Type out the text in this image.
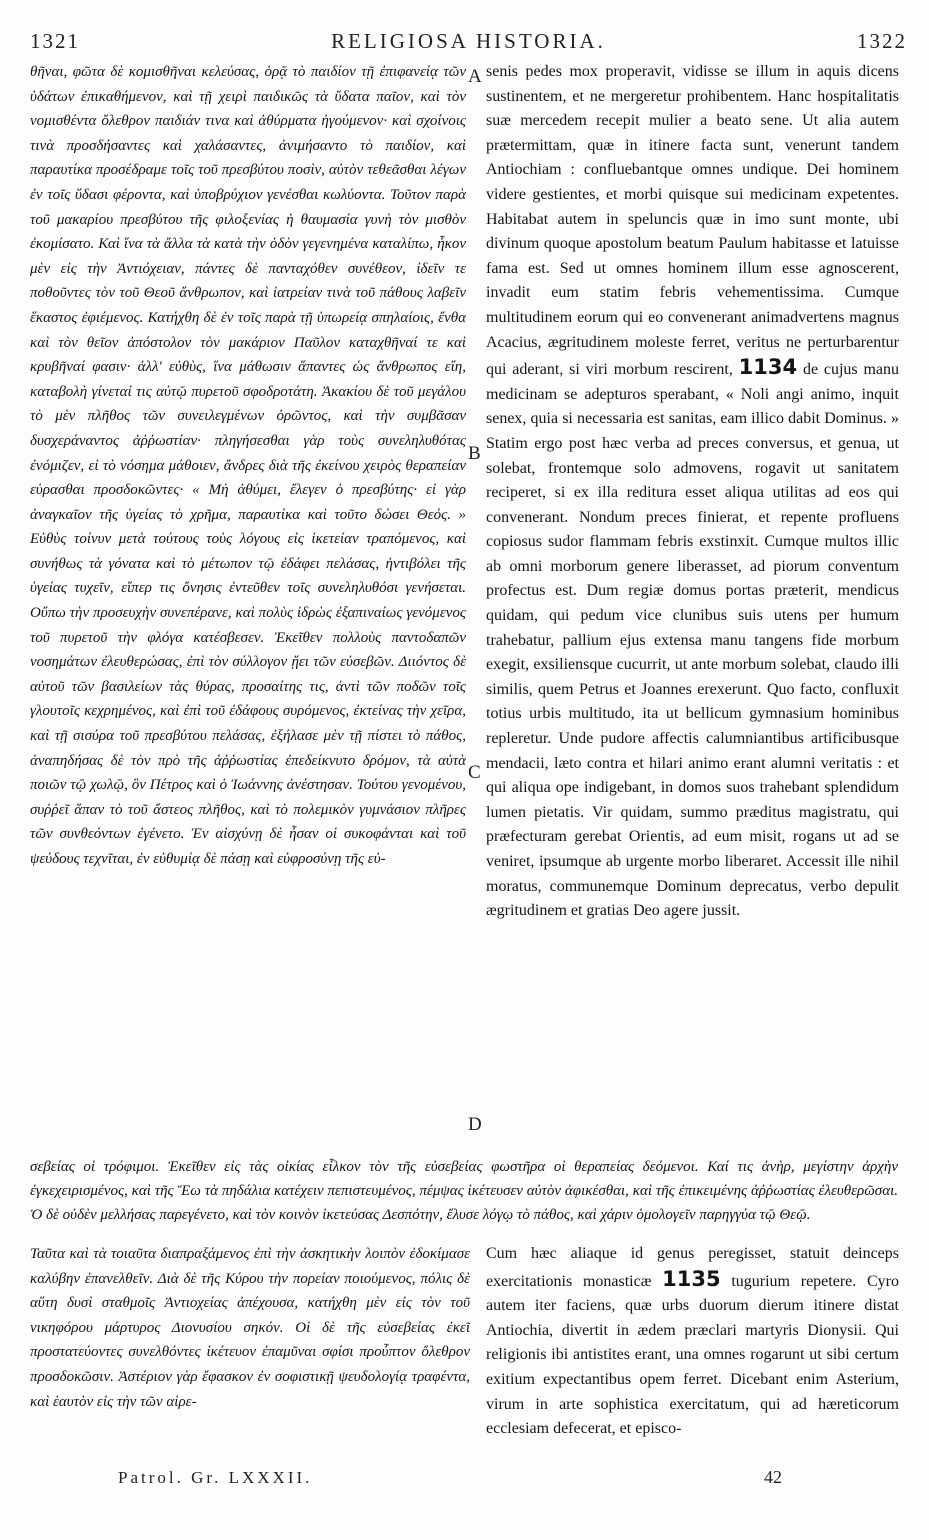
1321	RELIGIOSA HISTORIA.	1322

θῆναι, φῶτα δὲ κομισθῆναι κελεύσας, ὁρᾷ τὸ παιδίον τῇ ἐπιφανείᾳ τῶν ὑδάτων ἐπικαθήμενον, καὶ τῇ χειρὶ παιδικῶς τὰ ὕδατα παῖον, καὶ τὸν νομισθέντα ὄλεθρον παιδιάν τινα καὶ ἀθύρματα ἡγούμενον· καὶ σχοίνοις τινὰ προσδήσαντες καὶ χαλάσαντες, ἀνιμήσαντο τὸ παιδίον, καὶ παραυτίκα προσέδραμε τοῖς τοῦ πρεσβύτου ποσὶν, αὐτὸν τεθεᾶσθαι λέγων ἐν τοῖς ὕδασι φέροντα, καὶ ὑποβρύχιον γενέσθαι κωλύοντα. Τοῦτον παρὰ τοῦ μακαρίου πρεσβύτου τῆς φιλοξενίας ἡ θαυμασία γυνὴ τὸν μισθὸν ἐκομίσατο. Καὶ ἵνα τὰ ἄλλα τὰ κατὰ τὴν ὁδὸν γεγενημένα καταλίπω, ἧκον μὲν εἰς τὴν Ἀντιόχειαν, πάντες δὲ πανταχόθεν συνέθεον, ἰδεῖν τε ποθοῦντες τὸν τοῦ Θεοῦ ἄνθρωπον, καὶ ἰατρείαν τινὰ τοῦ πάθους λαβεῖν ἕκαστος ἐφιέμενος. Κατήχθη δὲ ἐν τοῖς παρὰ τῇ ὑπωρείᾳ σπηλαίοις, ἔνθα καὶ τὸν θεῖον ἀπόστολον τὸν μακάριον Παῦλον καταχθῆναί τε καὶ κρυβῆναί φασιν· ἀλλ' εὐθὺς, ἵνα μάθωσιν ἅπαντες ὡς ἄνθρωπος εἴη, καταβολὴ γίνεταί τις αὐτῷ πυρετοῦ σφοδροτάτη. Ἀκακίου δὲ τοῦ μεγάλου τὸ μὲν πλῆθος τῶν συνειλεγμένων ὁρῶντος, καὶ τὴν συμβᾶσαν δυσχεράναντος ἀῤῥωστίαν· πληγήσεσθαι γὰρ τοὺς συνεληλυθότας ἐνόμιζεν, εἰ τὸ νόσημα μάθοιεν, ἄνδρες διὰ τῆς ἐκείνου χειρὸς θεραπείαν εὑρασθαι προσδοκῶντες· « Μὴ ἀθύμει, ἔλεγεν ὁ πρεσβύτης· εἰ γὰρ ἀναγκαῖον τῆς ὑγείας τὸ χρῆμα, παραυτίκα καὶ τοῦτο δώσει Θεός. » Εὐθὺς τοίνυν μετὰ τούτους τοὺς λόγους εἰς ἱκετείαν τραπόμενος, καὶ συνήθως τὰ γόνατα καὶ τὸ μέτωπον τῷ ἐδάφει πελάσας, ἠντιβόλει τῆς ὑγείας τυχεῖν, εἴπερ τις ὄνησις ἐντεῦθεν τοῖς συνεληλυθόσι γενήσεται. Οὔπω τὴν προσευχὴν συνεπέρανε, καὶ πολὺς ἱδρὼς ἐξαπιναίως γενόμενος τοῦ πυρετοῦ τὴν φλόγα κατέσβεσεν. Ἐκεῖθεν πολλοὺς παντοδαπῶν νοσημάτων ἐλευθερώσας, ἐπὶ τὸν σύλλογον ᾔει τῶν εὐσεβῶν. Διιόντος δὲ αὐτοῦ τῶν βασιλείων τὰς θύρας, προσαίτης τις, ἀντὶ τῶν ποδῶν τοῖς γλουτοῖς κεχρημένος, καὶ ἐπὶ τοῦ ἐδάφους συρόμενος, ἐκτείνας τὴν χεῖρα, καὶ τῇ σισύρα τοῦ πρεσβύτου πελάσας, ἐξήλασε μὲν τῇ πίστει τὸ πάθος, ἀναπηδήσας δὲ τὸν πρὸ τῆς ἀῤῥωστίας ἐπεδείκνυτο δρόμον, τὰ αὐτὰ ποιῶν τῷ χωλῷ, ὃν Πέτρος καὶ ὁ Ἰωάννης ἀνέστησαν. Τούτου γενομένου, συῤῥεῖ ἅπαν τὸ τοῦ ἄστεος πλῆθος, καὶ τὸ πολεμικὸν γυμνάσιον πλῆρες τῶν συνθεόντων ἐγένετο. Ἐν αἰσχύνῃ δὲ ἦσαν οἱ συκοφάνται καὶ τοῦ ψεύδους τεχνῖται, ἐν εὐθυμίᾳ δὲ πάσῃ καὶ εὐφροσύνῃ τῆς εὐ-

A
B
C
D

senis pedes mox properavit, vidisse se illum in aquis dicens sustinentem, et ne mergeretur prohibentem. Hanc hospitalitatis suæ mercedem recepit mulier a beato sene. Ut alia autem prætermittam, quæ in itinere facta sunt, venerunt tandem Antiochiam : confluebantque omnes undique. Dei hominem videre gestientes, et morbi quisque sui medicinam expetentes. Habitabat autem in speluncis quæ in imo sunt monte, ubi divinum quoque apostolum beatum Paulum habitasse et latuisse fama est. Sed ut omnes hominem illum esse agnoscerent, invadit eum statim febris vehementissima. Cumque multitudinem eorum qui eo convenerant animadvertens magnus Acacius, ægritudinem moleste ferret, veritus ne perturbarentur qui aderant, si viri morbum rescirent, 1134 de cujus manu medicinam se adepturos sperabant, « Noli angi animo, inquit senex, quia si necessaria est sanitas, eam illico dabit Dominus. » Statim ergo post hæc verba ad preces conversus, et genua, ut solebat, frontemque solo admovens, rogavit ut sanitatem reciperet, si ex illa reditura esset aliqua utilitas ad eos qui convenerant. Nondum preces finierat, et repente profluens copiosus sudor flammam febris exstinxit. Cumque multos illic ab omni morborum genere liberasset, ad piorum conventum profectus est. Dum regiæ domus portas præterit, mendicus quidam, qui pedum vice clunibus suis utens per humum trahebatur, pallium ejus extensa manu tangens fide morbum exegit, exsiliensque cucurrit, ut ante morbum solebat, claudo illi similis, quem Petrus et Joannes erexerunt. Quo facto, confluxit totius urbis multitudo, ita ut bellicum gymnasium hominibus repleretur. Unde pudore affectis calumniantibus artificibusque mendacii, læto contra et hilari animo erant alumni veritatis : et qui aliqua ope indigebant, in domos suos trahebant splendidum lumen pietatis. Vir quidam, summo præditus magistratu, qui præfecturam gerebat Orientis, ad eum misit, rogans ut ad se veniret, ipsumque ab urgente morbo liberaret. Accessit ille nihil moratus, communemque Dominum deprecatus, verbo depulit ægritudinem et gratias Deo agere jussit.

σεβείας οἱ τρόφιμοι. Ἐκεῖθεν εἰς τὰς οἰκίας εἷλκον τὸν τῆς εὐσεβείας φωστῆρα οἱ θεραπείας δεόμενοι. Καί τις ἀνὴρ, μεγίστην ἀρχὴν ἐγκεχειρισμένος, καὶ τῆς Ἕω τὰ πηδάλια κατέχειν πεπιστευμένος, πέμψας ἱκέτευσεν αὐτὸν ἀφικέσθαι, καὶ τῆς ἐπικειμένης ἀῤῥωστίας ἐλευθερῶσαι. Ὁ δὲ οὐδὲν μελλήσας παρεγένετο, καὶ τὸν κοινὸν ἱκετεύσας Δεσπότην, ἔλυσε λόγῳ τὸ πάθος, καὶ χάριν ὁμολογεῖν παρηγγύα τῷ Θεῷ.

Ταῦτα καὶ τὰ τοιαῦτα διαπραξάμενος ἐπὶ τὴν ἀσκητικὴν λοιπὸν ἐδοκίμασε καλύβην ἐπανελθεῖν. Διὰ δὲ τῆς Κύρου τὴν πορείαν ποιούμενος, πόλις δὲ αὕτη δυσὶ σταθμοῖς Ἀντιοχείας ἀπέχουσα, κατήχθη μὲν εἰς τὸν τοῦ νικηφόρου μάρτυρος Διονυσίου σηκόν. Οἱ δὲ τῆς εὐσεβείας ἐκεῖ προστατεύοντες συνελθόντες ἱκέτευον ἐπαμῦναι σφίσι προὖπτον ὄλεθρον προσδοκῶσιν. Ἀστέριον γὰρ ἔφασκον ἐν σοφιστικῇ ψευδολογίᾳ τραφέντα, καὶ ἑαυτὸν εἰς τὴν τῶν αἱρε-

Cum hæc aliaque id genus peregisset, statuit deinceps exercitationis monasticæ 1135 tugurium repetere. Cyro autem iter faciens, quæ urbs duorum dierum itinere distat Antiochia, divertit in ædem præclari martyris Dionysii. Qui religionis ibi antistites erant, una omnes rogarunt ut sibi certum exitium expectantibus opem ferret. Dicebant enim Asterium, virum in arte sophistica exercitatum, qui ad hæreticorum ecclesiam defecerat, et episco-

Patrol. Gr. LXXXII.	42
